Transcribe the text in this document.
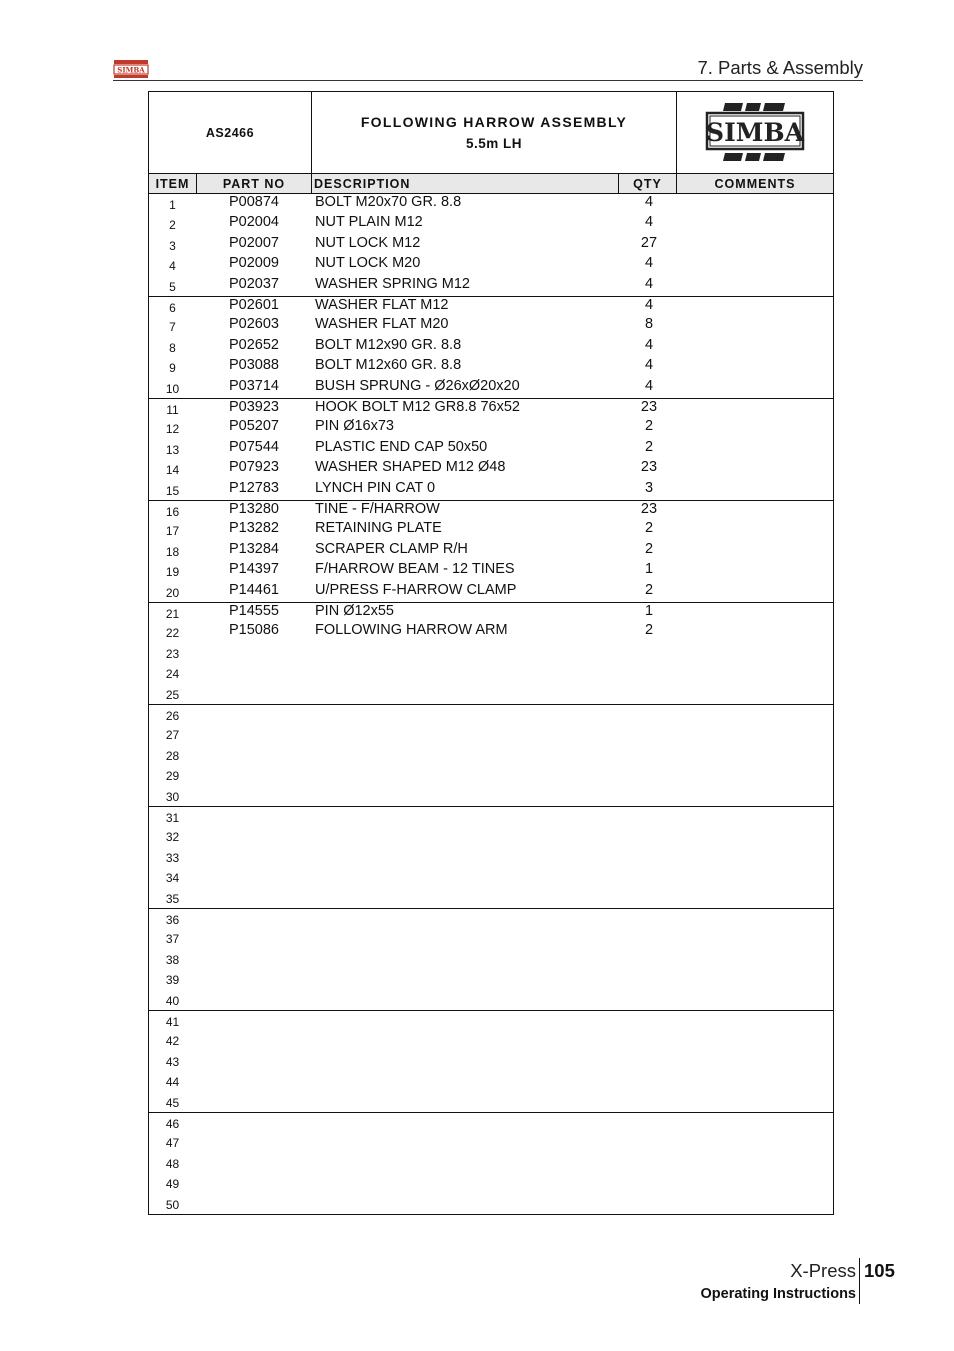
SIMBA	7. Parts & Assembly
AS2466
FOLLOWING HARROW ASSEMBLY
5.5m LH	SIMBA
ITEM	PART NO	DESCRIPTION	QTY	COMMENTS
1	P00874	BOLT M20x70 GR. 8.8	4
2	P02004	NUT PLAIN M12	4
3	P02007	NUT LOCK M12	27
4	P02009	NUT LOCK M20	4
5	P02037	WASHER SPRING M12	4
6	P02601	WASHER FLAT M12	4
7	P02603	WASHER FLAT M20	8
8	P02652	BOLT M12x90 GR. 8.8	4
9	P03088	BOLT M12x60 GR. 8.8	4
10	P03714	BUSH SPRUNG - Ø26xØ20x20	4
11	P03923	HOOK BOLT M12 GR8.8 76x52	23
12	P05207	PIN Ø16x73	2
13	P07544	PLASTIC END CAP 50x50	2
14	P07923	WASHER SHAPED M12 Ø48	23
15	P12783	LYNCH PIN CAT 0	3
16	P13280	TINE - F/HARROW	23
17	P13282	RETAINING PLATE	2
18	P13284	SCRAPER CLAMP R/H	2
19	P14397	F/HARROW BEAM - 12 TINES	1
20	P14461	U/PRESS F-HARROW CLAMP	2
21	P14555	PIN Ø12x55	1
22	P15086	FOLLOWING HARROW ARM	2
23
24
25
26
27
28
29
30
31
32
33
34
35
36
37
38
39
40
41
42
43
44
45
46
47
48
49
50
X-Press 105
Operating Instructions
